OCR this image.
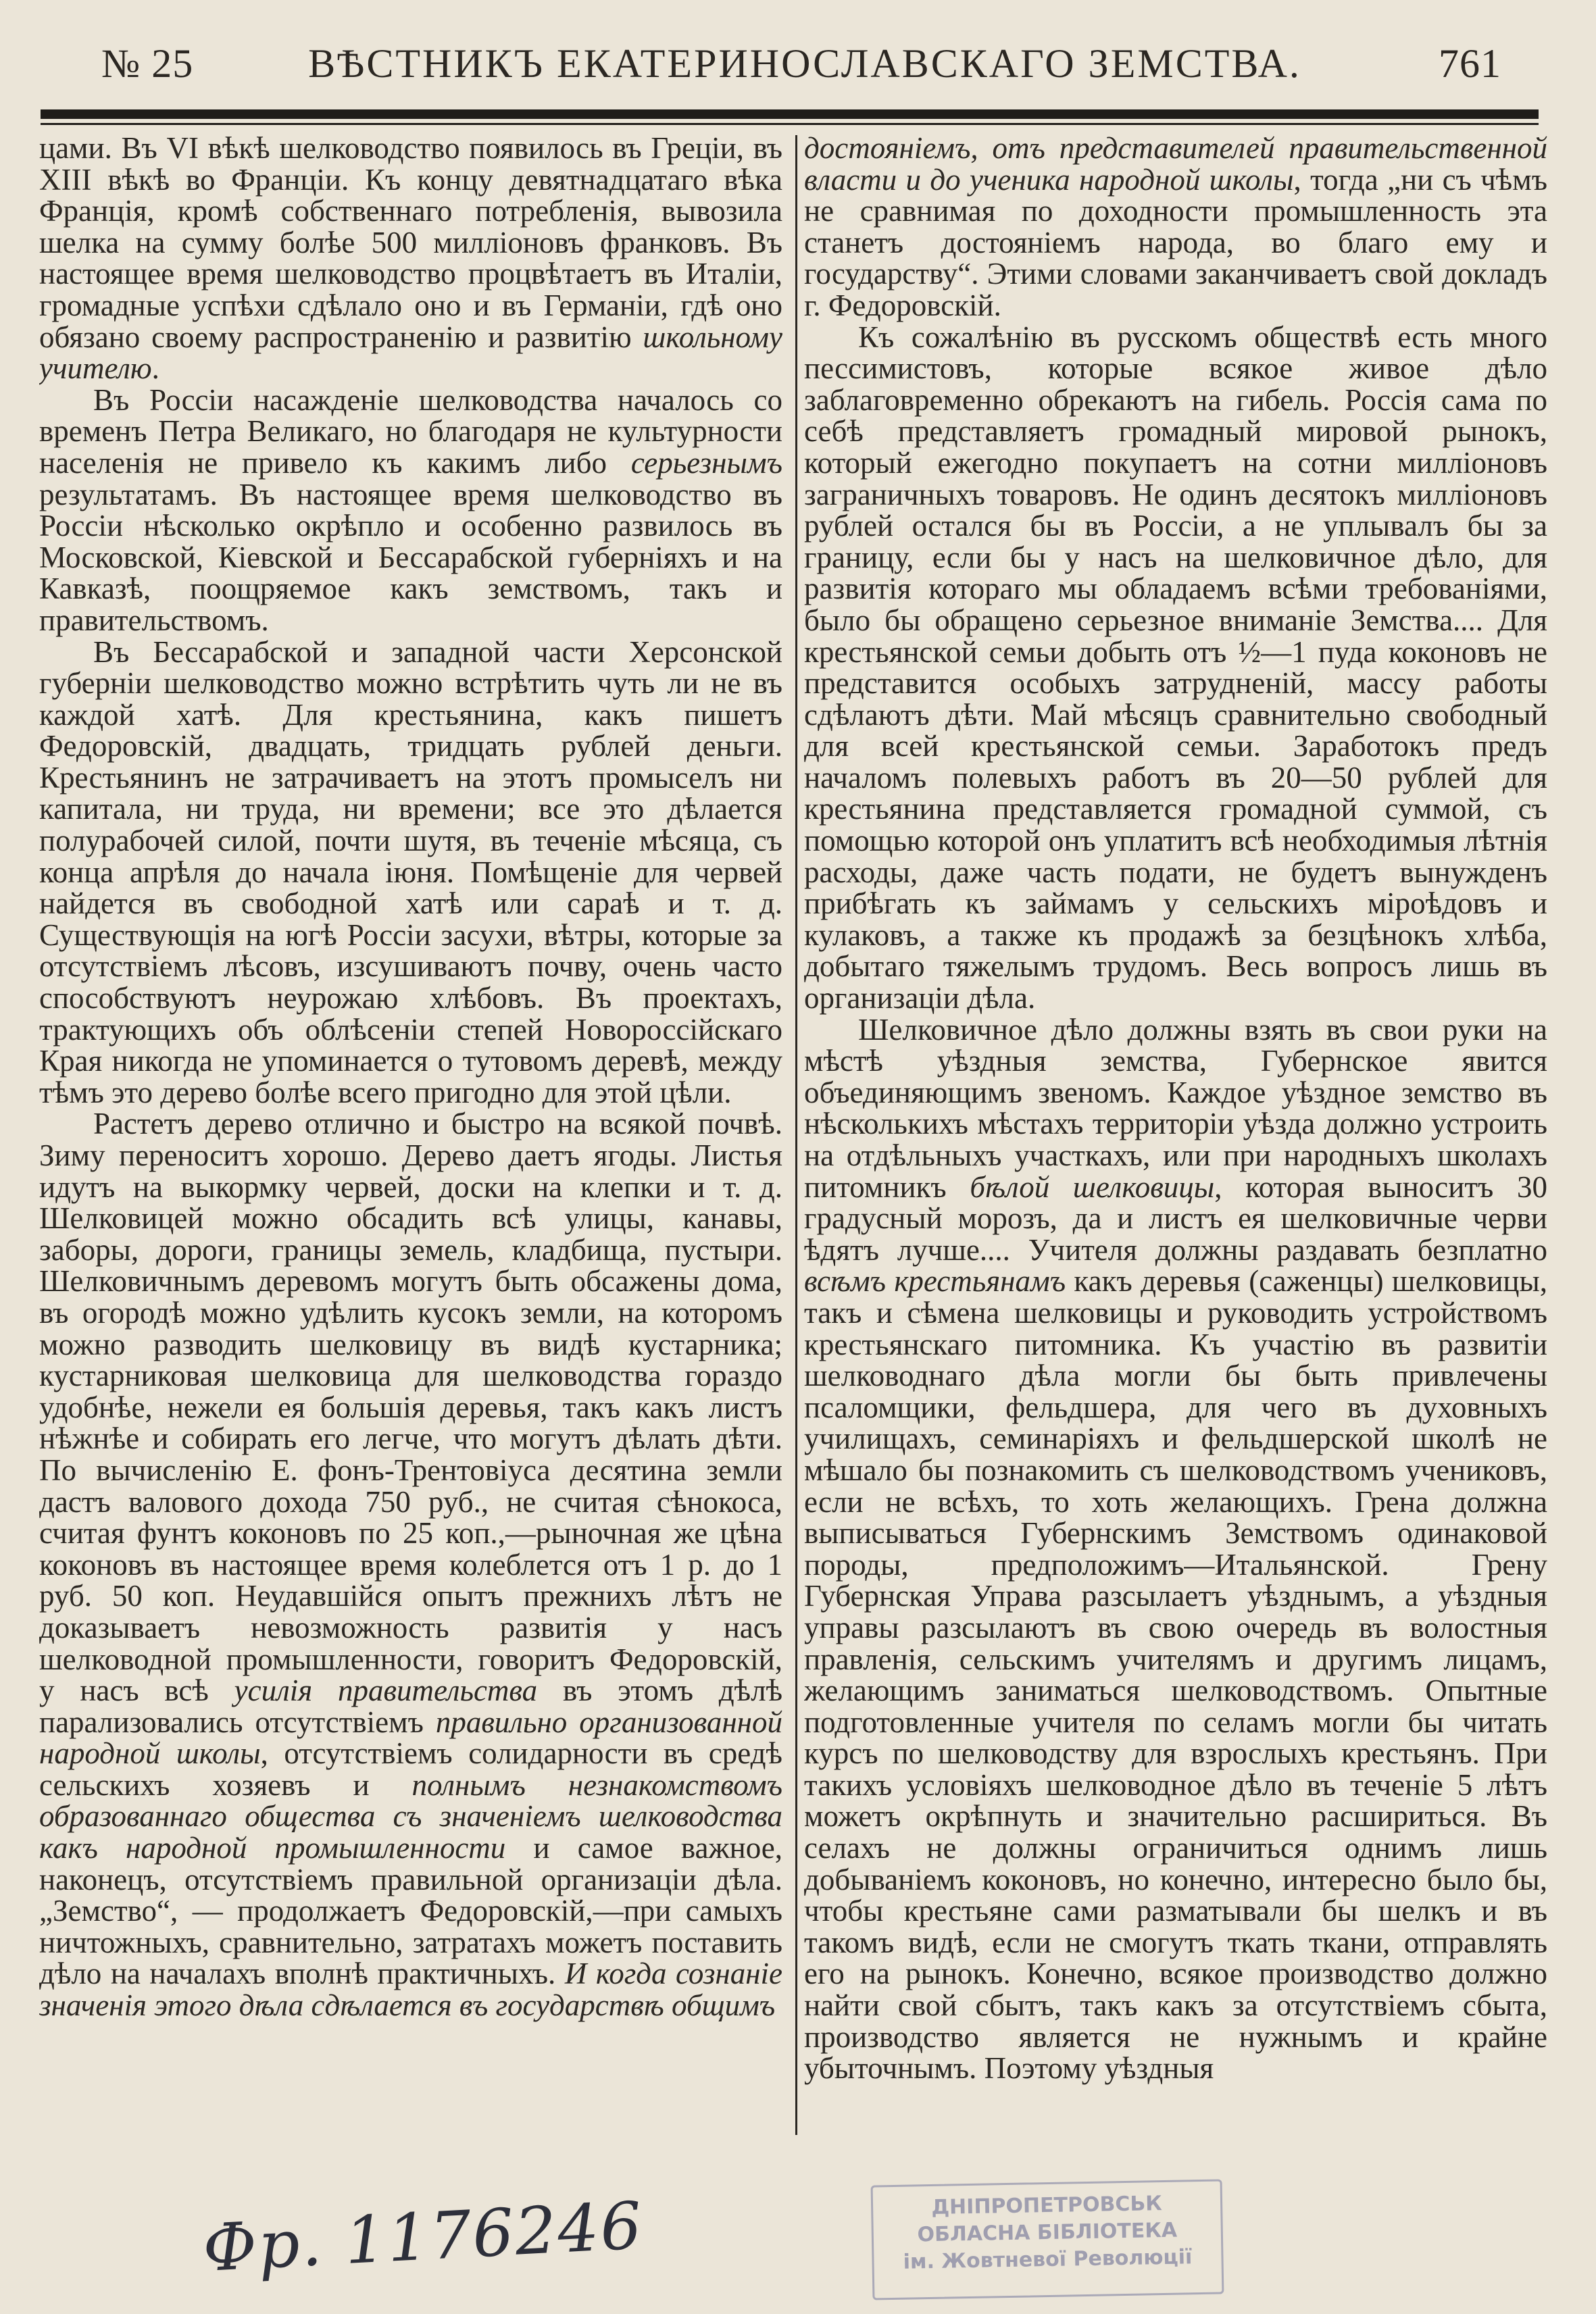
№ 25	ВѢСТНИКЪ ЕКАТЕРИНОСЛАВСКАГО ЗЕМСТВА.	761

цами. Въ VI вѣкѣ шелководство появилось въ Греціи, въ XIII вѣкѣ во Франціи. Къ концу девятнадцатаго вѣка Франція, кромѣ собственнаго потребленія, вывозила шелка на сумму болѣе 500 милліоновъ франковъ. Въ настоящее время шелководство процвѣтаетъ въ Италіи, громадные успѣхи сдѣлало оно и въ Германіи, гдѣ оно обязано своему распространенію и развитію школьному учителю.

Въ Россіи насажденіе шелководства началось со временъ Петра Великаго, но благодаря не культурности населенія не привело къ какимъ либо серьезнымъ результатамъ. Въ настоящее время шелководство въ Россіи нѣсколько окрѣпло и особенно развилось въ Московской, Кіевской и Бессарабской губерніяхъ и на Кавказѣ, поощряемое какъ земствомъ, такъ и правительствомъ.

Въ Бессарабской и западной части Херсонской губерніи шелководство можно встрѣтить чуть ли не въ каждой хатѣ. Для крестьянина, какъ пишетъ Федоровскій, двадцать, тридцать рублей деньги. Крестьянинъ не затрачиваетъ на этотъ промыселъ ни капитала, ни труда, ни времени; все это дѣлается полурабочей силой, почти шутя, въ теченіе мѣсяца, съ конца апрѣля до начала іюня. Помѣщеніе для червей найдется въ свободной хатѣ или сараѣ и т. д. Существующія на югѣ Россіи засухи, вѣтры, которые за отсутствіемъ лѣсовъ, изсушиваютъ почву, очень часто способствуютъ неурожаю хлѣбовъ. Въ проектахъ, трактующихъ объ облѣсеніи степей Новороссійскаго Края никогда не упоминается о тутовомъ деревѣ, между тѣмъ это дерево болѣе всего пригодно для этой цѣли.

Растетъ дерево отлично и быстро на всякой почвѣ. Зиму переноситъ хорошо. Дерево даетъ ягоды. Листья идутъ на выкормку червей, доски на клепки и т. д. Шелковицей можно обсадить всѣ улицы, канавы, заборы, дороги, границы земель, кладбища, пустыри. Шелковичнымъ деревомъ могутъ быть обсажены дома, въ огородѣ можно удѣлить кусокъ земли, на которомъ можно разводить шелковицу въ видѣ кустарника; кустарниковая шелковица для шелководства гораздо удобнѣе, нежели ея большія деревья, такъ какъ листъ нѣжнѣе и собирать его легче, что могутъ дѣлать дѣти. По вычисленію Е. фонъ-Трентовіуса десятина земли дастъ валового дохода 750 руб., не считая сѣнокоса, считая фунтъ коконовъ по 25 коп.,—рыночная же цѣна коконовъ въ настоящее время колеблется отъ 1 р. до 1 руб. 50 коп. Неудавшійся опытъ прежнихъ лѣтъ не доказываетъ невозможность развитія у насъ шелководной промышленности, говоритъ Федоровскій, у насъ всѣ усилія правительства въ этомъ дѣлѣ парализовались отсутствіемъ правильно организованной народной школы, отсутствіемъ солидарности въ средѣ сельскихъ хозяевъ и полнымъ незнакомствомъ образованнаго общества съ значеніемъ шелководства какъ народной промышленности и самое важное, наконецъ, отсутствіемъ правильной организаціи дѣла. „Земство“, — продолжаетъ Федоровскій,—при самыхъ ничтожныхъ, сравнительно, затратахъ можетъ поставить дѣло на началахъ вполнѣ практичныхъ. И когда сознаніе значенія этого дѣла сдѣлается въ государствѣ общимъ

достояніемъ, отъ представителей правительственной власти и до ученика народной школы, тогда „ни съ чѣмъ не сравнимая по доходности промышленность эта станетъ достояніемъ народа, во благо ему и государству“. Этими словами заканчиваетъ свой докладъ г. Федоровскій.

Къ сожалѣнію въ русскомъ обществѣ есть много пессимистовъ, которые всякое живое дѣло заблаговременно обрекаютъ на гибель. Россія сама по себѣ представляетъ громадный мировой рынокъ, который ежегодно покупаетъ на сотни милліоновъ заграничныхъ товаровъ. Не одинъ десятокъ милліоновъ рублей остался бы въ Россіи, а не уплывалъ бы за границу, если бы у насъ на шелковичное дѣло, для развитія котораго мы обладаемъ всѣми требованіями, было бы обращено серьезное вниманіе Земства.... Для крестьянской семьи добыть отъ ½—1 пуда коконовъ не представится особыхъ затрудненій, массу работы сдѣлаютъ дѣти. Май мѣсяцъ сравнительно свободный для всей крестьянской семьи. Заработокъ предъ началомъ полевыхъ работъ въ 20—50 рублей для крестьянина представляется громадной суммой, съ помощью которой онъ уплатитъ всѣ необходимыя лѣтнія расходы, даже часть подати, не будетъ вынужденъ прибѣгать къ займамъ у сельскихъ міроѣдовъ и кулаковъ, а также къ продажѣ за безцѣнокъ хлѣба, добытаго тяжелымъ трудомъ. Весь вопросъ лишь въ организаціи дѣла.

Шелковичное дѣло должны взять въ свои руки на мѣстѣ уѣздныя земства, Губернское явится объединяющимъ звеномъ. Каждое уѣздное земство въ нѣсколькихъ мѣстахъ территоріи уѣзда должно устроить на отдѣльныхъ участкахъ, или при народныхъ школахъ питомникъ бѣлой шелковицы, которая выноситъ 30 градусный морозъ, да и листъ ея шелковичные черви ѣдятъ лучше.... Учителя должны раздавать безплатно всѣмъ крестьянамъ какъ деревья (саженцы) шелковицы, такъ и сѣмена шелковицы и руководить устройствомъ крестьянскаго питомника. Къ участію въ развитіи шелководнаго дѣла могли бы быть привлечены псаломщики, фельдшера, для чего въ духовныхъ училищахъ, семинаріяхъ и фельдшерской школѣ не мѣшало бы познакомить съ шелководствомъ учениковъ, если не всѣхъ, то хоть желающихъ. Грена должна выписываться Губернскимъ Земствомъ одинаковой породы, предположимъ—Итальянской. Грену Губернская Управа разсылаетъ уѣзднымъ, а уѣздныя управы разсылаютъ въ свою очередь въ волостныя правленія, сельскимъ учителямъ и другимъ лицамъ, желающимъ заниматься шелководствомъ. Опытные подготовленные учителя по селамъ могли бы читать курсъ по шелководству для взрослыхъ крестьянъ. При такихъ условіяхъ шелководное дѣло въ теченіе 5 лѣтъ можетъ окрѣпнуть и значительно расшириться. Въ селахъ не должны ограничиться однимъ лишь добываніемъ коконовъ, но конечно, интересно было бы, чтобы крестьяне сами разматывали бы шелкъ и въ такомъ видѣ, если не смогутъ ткать ткани, отправлять его на рынокъ. Конечно, всякое производство должно найти свой сбытъ, такъ какъ за отсутствіемъ сбыта, производство является не нужнымъ и крайне убыточнымъ. Поэтому уѣздныя

Фр. 1176246	ДНІПРОПЕТРОВСЬК
ОБЛАСНА БІБЛІОТЕКА
ім. Жовтневої Революції
